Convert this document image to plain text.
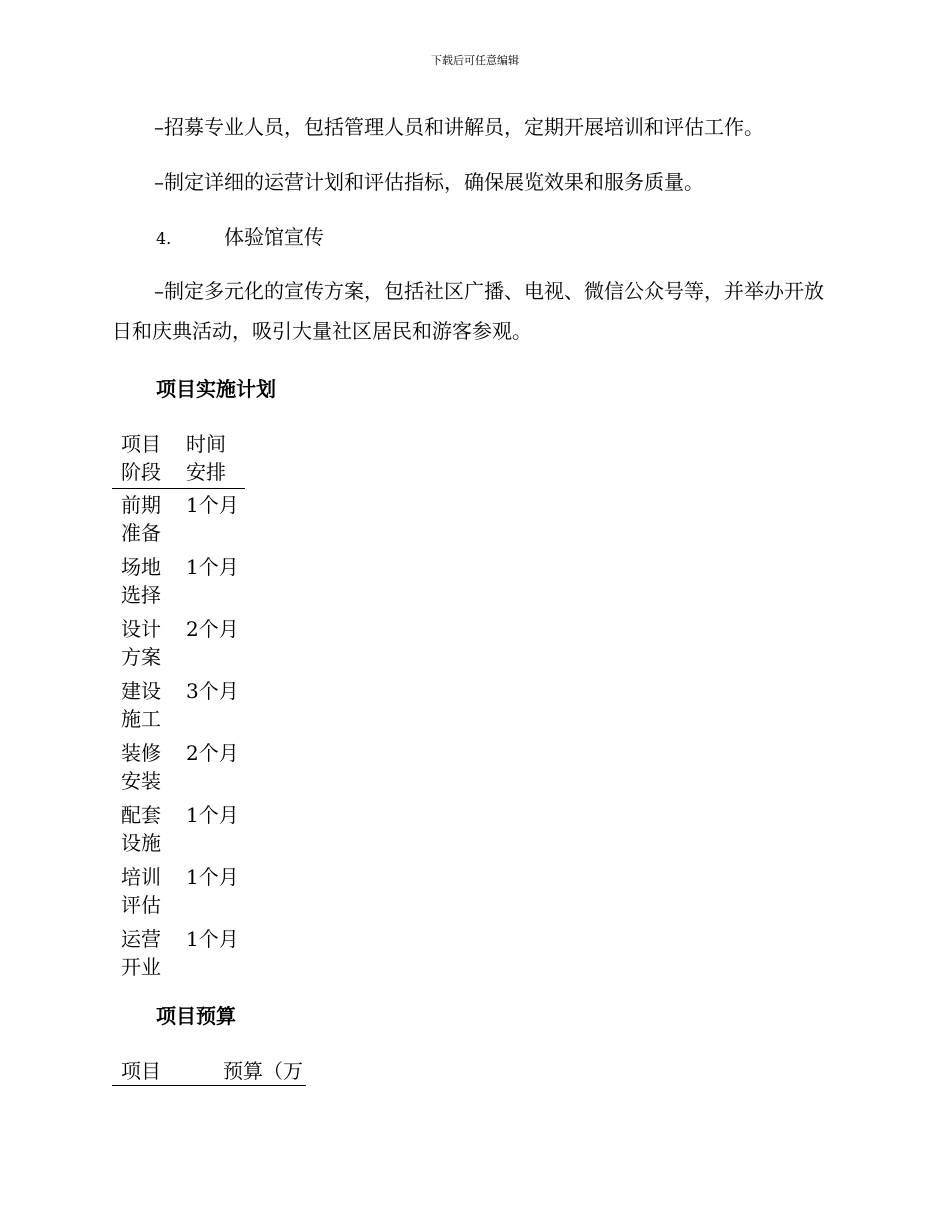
下载后可任意编辑

–招募专业人员，包括管理人员和讲解员，定期开展培训和评估工作。

–制定详细的运营计划和评估指标，确保展览效果和服务质量。

4.	体验馆宣传

–制定多元化的宣传方案，包括社区广播、电视、微信公众号等，并举办开放日和庆典活动，吸引大量社区居民和游客参观。

项目实施计划
项目阶段
时间安排
前期准备
1个月
场地选择
1个月
设计方案
2个月
建设施工
3个月
装修安装
2个月
配套设施
1个月
培训评估
1个月
运营开业
1个月
项目预算
项目	预算（万
